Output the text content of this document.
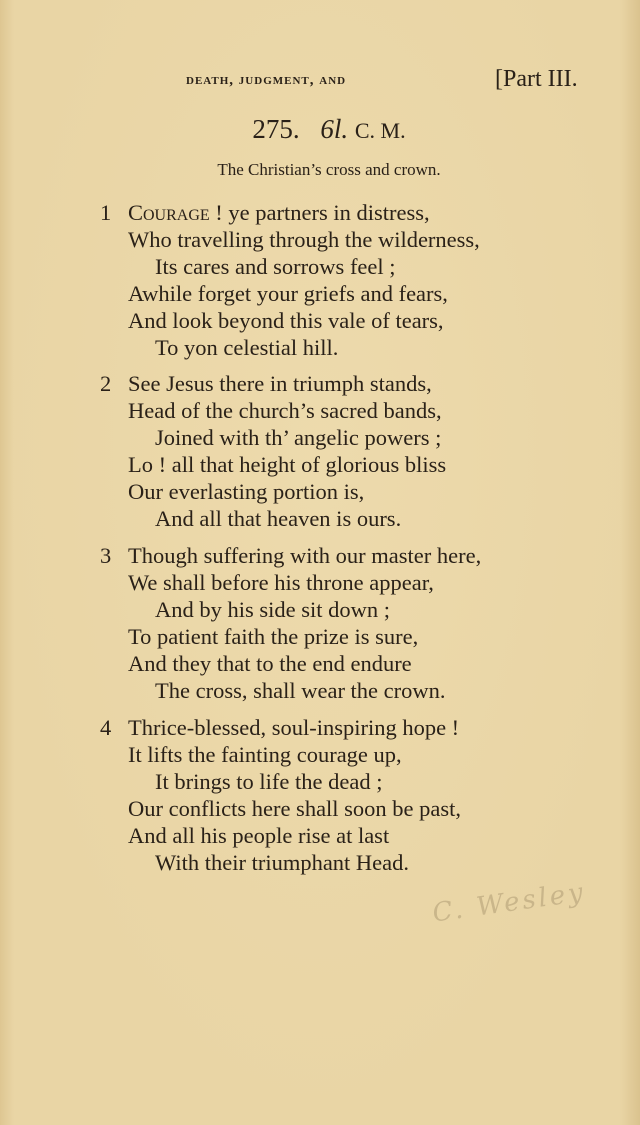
death, judgment, and	[Part III.
275. 6l. C. M.
The Christian’s cross and crown.
1 Courage ! ye partners in distress,
Who travelling through the wilderness,
Its cares and sorrows feel ;
Awhile forget your griefs and fears,
And look beyond this vale of tears,
To yon celestial hill.
2 See Jesus there in triumph stands,
Head of the church’s sacred bands,
Joined with th’ angelic powers ;
Lo ! all that height of glorious bliss
Our everlasting portion is,
And all that heaven is ours.
3 Though suffering with our master here,
We shall before his throne appear,
And by his side sit down ;
To patient faith the prize is sure,
And they that to the end endure
The cross, shall wear the crown.
4 Thrice-blessed, soul-inspiring hope !
It lifts the fainting courage up,
It brings to life the dead ;
Our conflicts here shall soon be past,
And all his people rise at last
With their triumphant Head.
C. Wesley
